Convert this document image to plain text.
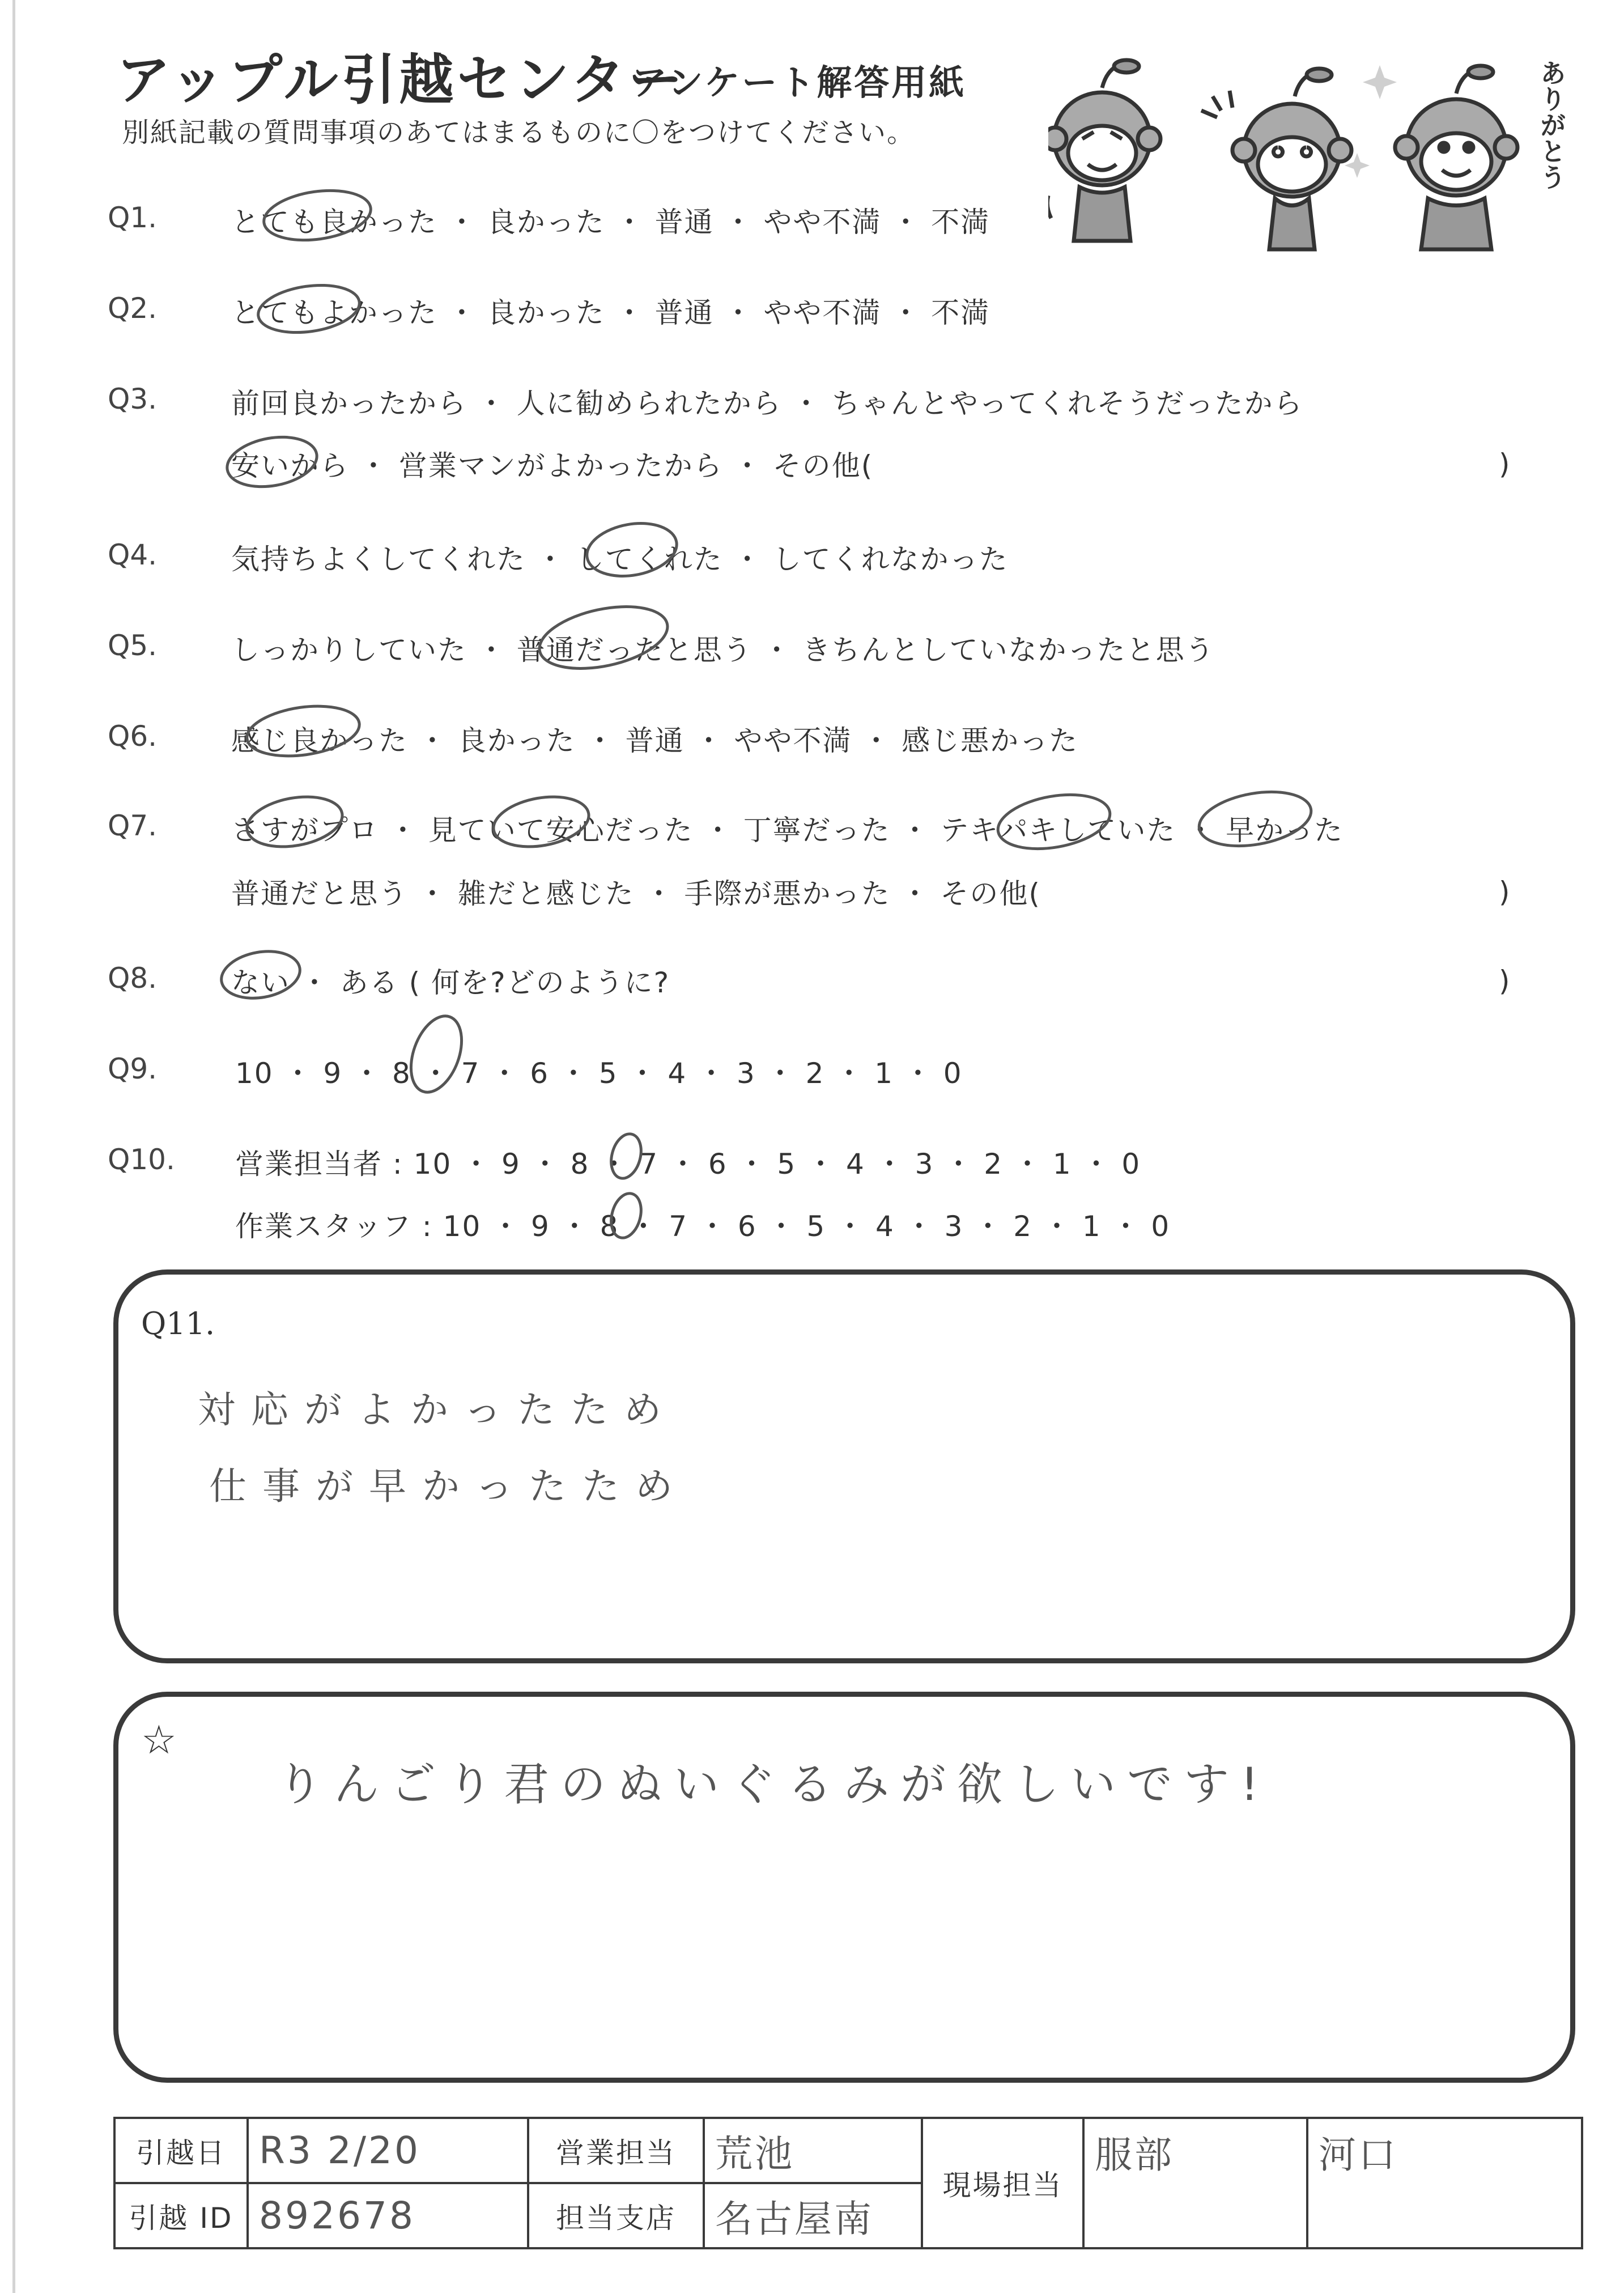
アップル引越センター
アンケート解答用紙
別紙記載の質問事項のあてはまるものに〇をつけてください。	ありがとう
Q1.	とても良かった ・ 良かった ・ 普通 ・ やや不満 ・ 不満
Q2.	とてもよかった ・ 良かった ・ 普通 ・ やや不満 ・ 不満
Q3.	前回良かったから ・ 人に勧められたから ・ ちゃんとやってくれそうだったから
安いから ・ 営業マンがよかったから ・ その他(	)
Q4.	気持ちよくしてくれた ・ してくれた ・ してくれなかった
Q5.	しっかりしていた ・ 普通だったと思う ・ きちんとしていなかったと思う
Q6.	感じ良かった ・ 良かった ・ 普通 ・ やや不満 ・ 感じ悪かった
Q7.	さすがプロ ・ 見ていて安心だった ・ 丁寧だった ・ テキパキしていた ・ 早かった
普通だと思う ・ 雑だと感じた ・ 手際が悪かった ・ その他(	)
Q8.	ない ・ ある ( 何を?どのように?	)
Q9.	10 ・ 9 ・ 8 ・ 7 ・ 6 ・ 5 ・ 4 ・ 3 ・ 2 ・ 1 ・ 0
Q10. 営業担当者 : 10 ・ 9 ・ 8 ・ 7 ・ 6 ・ 5 ・ 4 ・ 3 ・ 2 ・ 1 ・ 0
作業スタッフ : 10 ・ 9 ・ 8 ・ 7 ・ 6 ・ 5 ・ 4 ・ 3 ・ 2 ・ 1 ・ 0
Q11.
対応がよかったため
仕事が早かったため
☆
りんごり君のぬいぐるみが欲しいです!
引越日	R3 2/20	営業担当	荒池	現場担当	服部	河口
引越 ID	892678	担当支店	名古屋南			
